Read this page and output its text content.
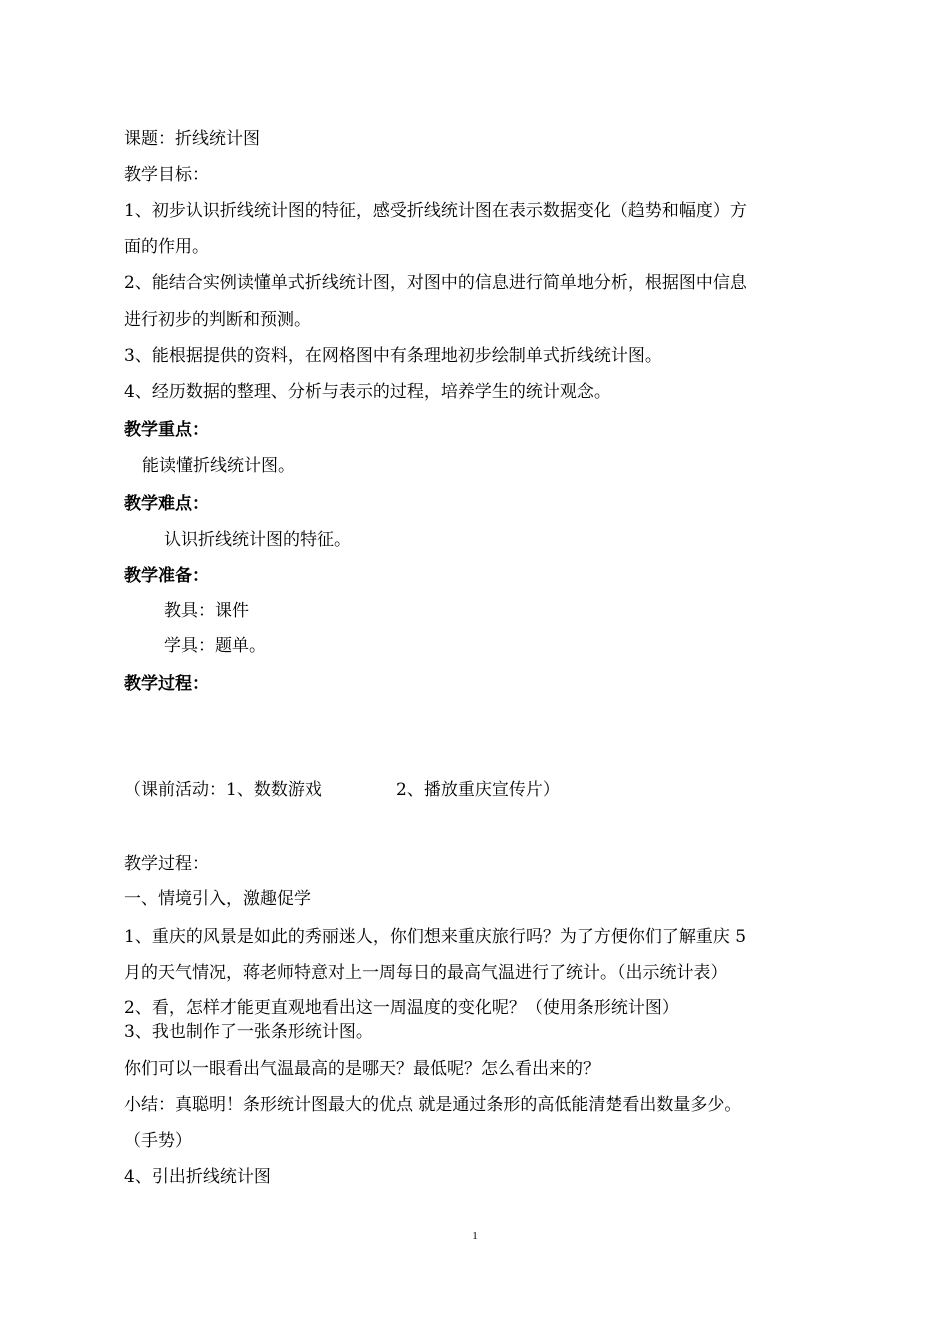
课题：折线统计图
教学目标：
1、初步认识折线统计图的特征，感受折线统计图在表示数据变化（趋势和幅度）方
面的作用。
2、能结合实例读懂单式折线统计图，对图中的信息进行简单地分析，根据图中信息
进行初步的判断和预测。
3、能根据提供的资料，在网格图中有条理地初步绘制单式折线统计图。
4、经历数据的整理、分析与表示的过程，培养学生的统计观念。
教学重点：
能读懂折线统计图。
教学难点：
认识折线统计图的特征。
教学准备：
教具：课件
学具：题单。
教学过程：
（课前活动：1、数数游戏	2、播放重庆宣传片）
教学过程：
一、情境引入，激趣促学
1、重庆的风景是如此的秀丽迷人，你们想来重庆旅行吗？为了方便你们了解重庆 5
月的天气情况，蒋老师特意对上一周每日的最高气温进行了统计。（出示统计表）
2、看，怎样才能更直观地看出这一周温度的变化呢？（使用条形统计图）
3、我也制作了一张条形统计图。
你们可以一眼看出气温最高的是哪天？最低呢？怎么看出来的？
小结：真聪明！条形统计图最大的优点 就是通过条形的高低能清楚看出数量多少。
（手势）
4、引出折线统计图
1
